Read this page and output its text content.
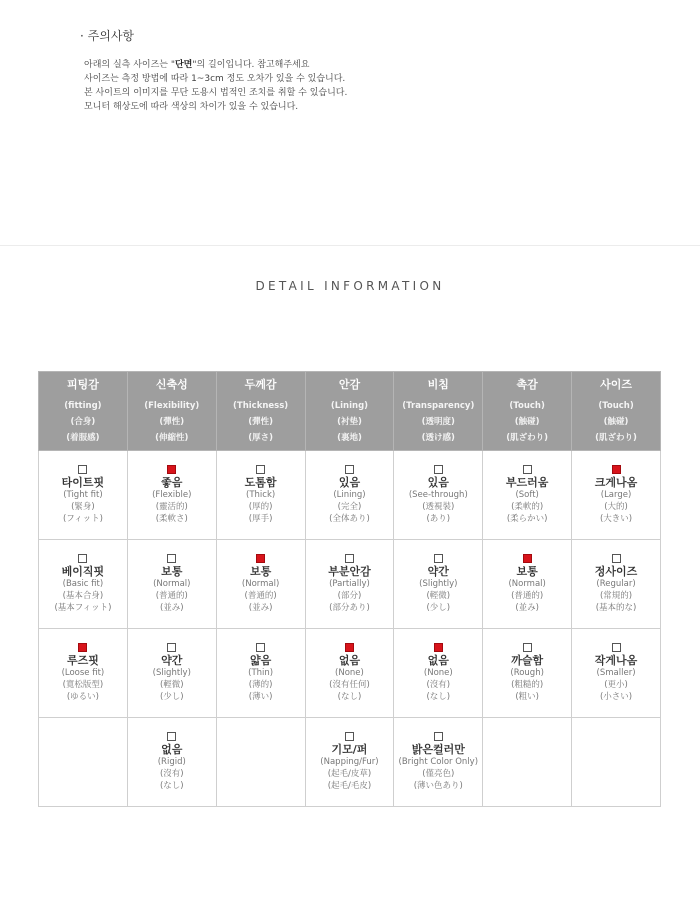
· 주의사항
아래의 실측 사이즈는 "단면"의 길이입니다. 참고해주세요
사이즈는 측정 방법에 따라 1~3cm 정도 오차가 있을 수 있습니다.
본 사이트의 이미지를 무단 도용시 법적인 조치를 취할 수 있습니다.
모니터 해상도에 따라 색상의 차이가 있을 수 있습니다.
DETAIL INFORMATION
피팅감
(fitting)
(合身)
(着服感)	신축성
(Flexibility)
(彈性)
(伸縮性)	두께감
(Thickness)
(彈性)
(厚さ)	안감
(Lining)
(衬垫)
(裏地)	비침
(Transparency)
(透明度)
(透け感)	촉감
(Touch)
(触碰)
(肌ざわり)	사이즈
(Touch)
(触碰)
(肌ざわり)

타이트핏
(Tight fit)
(緊身)
(フィット)	좋음
(Flexible)
(靈活的)
(柔軟さ)	도톰함
(Thick)
(厚的)
(厚手)	있음
(Lining)
(完全)
(全体あり)	있음
(See-through)
(透視裝)
(あり)	부드러움
(Soft)
(柔軟的)
(柔らかい)	크게나옴
(Large)
(大的)
(大きい)

베이직핏
(Basic fit)
(基本合身)
(基本フィット)	보통
(Normal)
(普通的)
(並み)	보통
(Normal)
(普通的)
(並み)	부분안감
(Partially)
(部分)
(部分あり)	약간
(Slightly)
(輕微)
(少し)	보통
(Normal)
(普通的)
(並み)	정사이즈
(Regular)
(常規的)
(基本的な)

루즈핏
(Loose fit)
(寬松版型)
(ゆるい)	약간
(Slightly)
(輕微)
(少し)	얇음
(Thin)
(薄的)
(薄い)	없음
(None)
(沒有任何)
(なし)	없음
(None)
(沒有)
(なし)	까슬함
(Rough)
(粗糙的)
(粗い)	작게나옴
(Smaller)
(更小)
(小さい)

	없음
(Rigid)
(沒有)
(なし)		기모/퍼
(Napping/Fur)
(起毛/皮草)
(起毛/毛皮)	밝은컬러만
(Bright Color Only)
(僅亮色)
(薄い色あり)		
